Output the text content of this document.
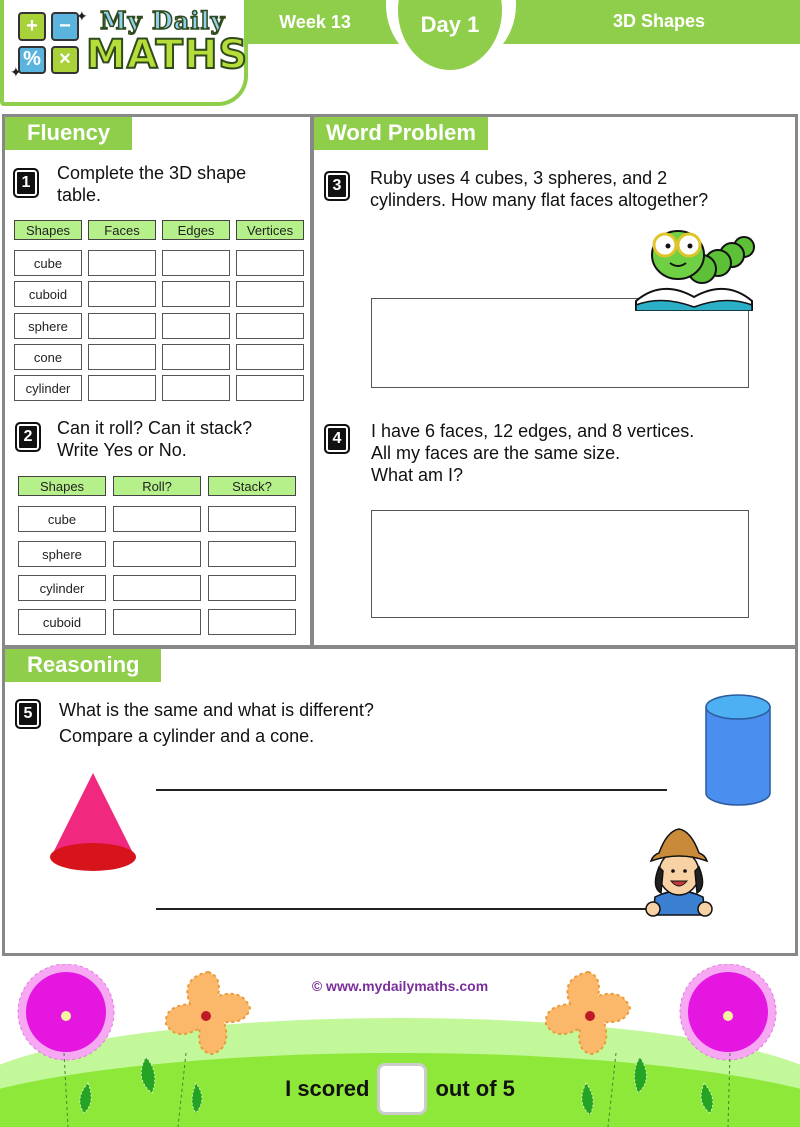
+	−
% ×
✦
✦
My Daily
MATHS
Week 13	Day 1	3D Shapes
Fluency
1	Complete the 3D shape table.
Shapes	Faces	Edges	Vertices
cube
cuboid
sphere
cone
cylinder
2	Can it roll? Can it stack? Write Yes or No.
Shapes	Roll?	Stack?
cube
sphere
cylinder
cuboid
Word Problem
3	Ruby uses 4 cubes, 3 spheres, and 2 cylinders. How many flat faces altogether?
4	I have 6 faces, 12 edges, and 8 vertices.
All my faces are the same size.
What am I?
Reasoning
5	What is the same and what is different?
Compare a cylinder and a cone.
© www.mydailymaths.com
I scored	out of 5
